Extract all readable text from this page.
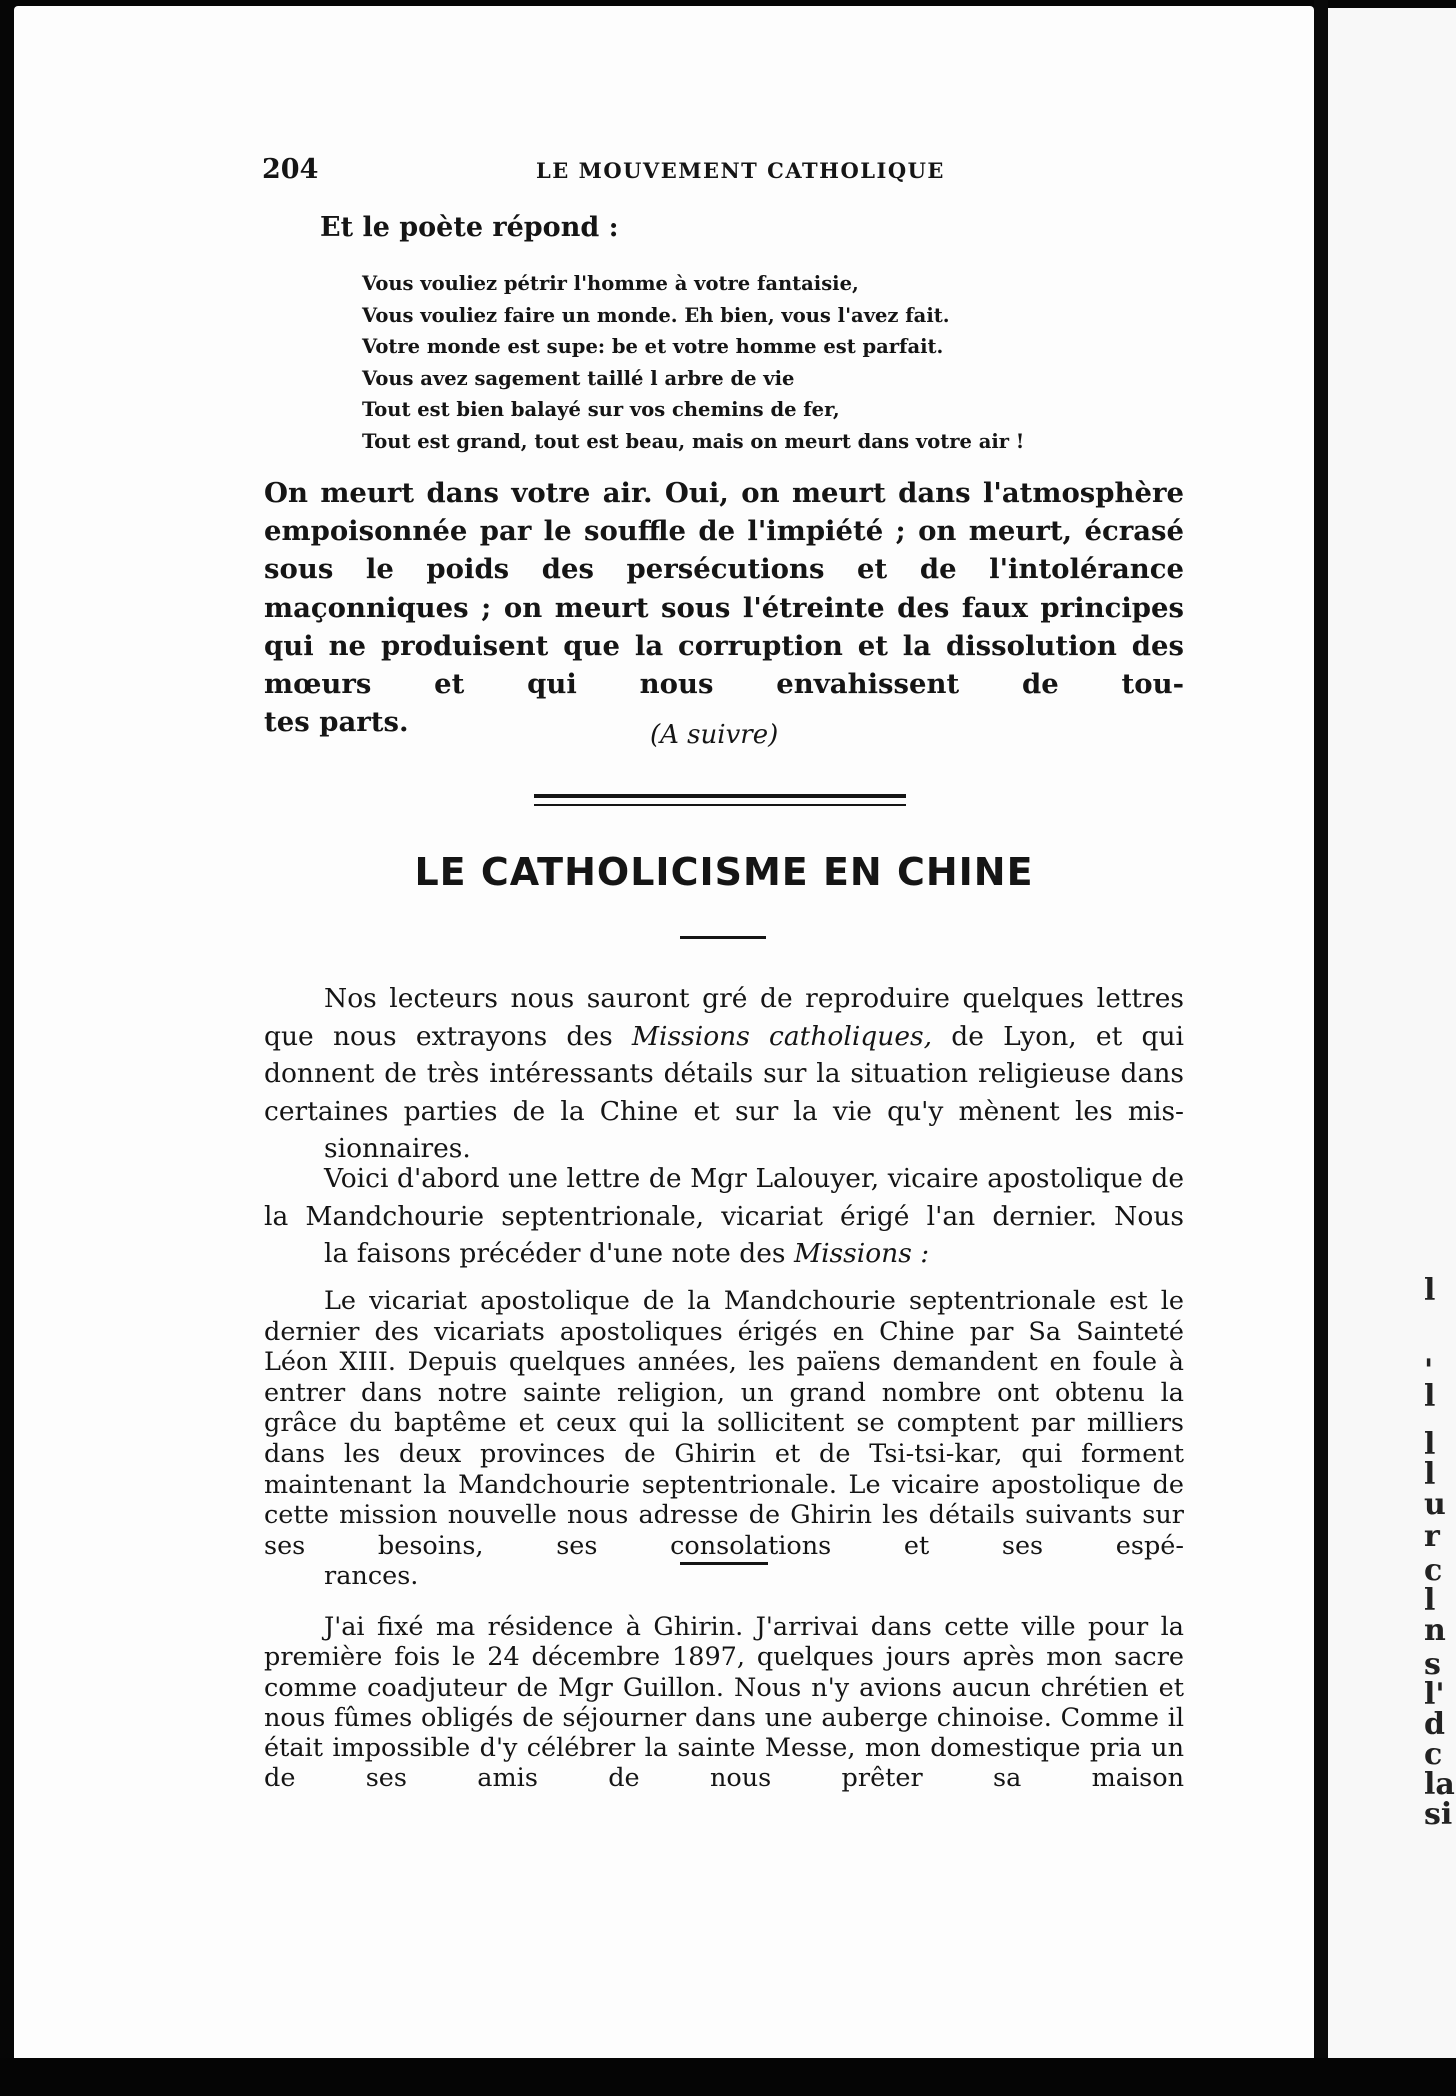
l
'
l
l
l
u
r
c
l
n
s
l'
d
c
la
si
204	LE MOUVEMENT CATHOLIQUE
Et le poète répond :
Vous vouliez pétrir l'homme à votre fantaisie,
Vous vouliez faire un monde. Eh bien, vous l'avez fait.
Votre monde est supe: be et votre homme est parfait.
Vous avez sagement taillé l arbre de vie
Tout est bien balayé sur vos chemins de fer,
Tout est grand, tout est beau, mais on meurt dans votre air !

On meurt dans votre air. Oui, on meurt dans l'atmosphère empoisonnée par le souffle de l'impiété ; on meurt, écrasé sous le poids des persécutions et de l'intolérance maçonniques ; on meurt sous l'étreinte des faux principes qui ne produisent que la corruption et la dissolution des mœurs et qui nous envahissent de tou-
tes parts.	(A suivre)
LE CATHOLICISME EN CHINE

Nos lecteurs nous sauront gré de reproduire quelques lettres que nous extrayons des Missions catholiques, de Lyon, et qui donnent de très intéressants détails sur la situation religieuse dans certaines parties de la Chine et sur la vie qu'y mènent les mis-
sionnaires.

Voici d'abord une lettre de Mgr Lalouyer, vicaire apostolique de la Mandchourie septentrionale, vicariat érigé l'an dernier. Nous
la faisons précéder d'une note des Missions :

Le vicariat apostolique de la Mandchourie septentrionale est le dernier des vicariats apostoliques érigés en Chine par Sa Sainteté Léon XIII. Depuis quelques années, les païens demandent en foule à entrer dans notre sainte religion, un grand nombre ont obtenu la grâce du baptême et ceux qui la sollicitent se comptent par milliers dans les deux provinces de Ghirin et de Tsi-tsi-kar, qui forment maintenant la Mandchourie septentrionale. Le vicaire apostolique de cette mission nouvelle nous adresse de Ghirin les détails suivants sur ses besoins, ses consolations et ses espé-
rances.

J'ai fixé ma résidence à Ghirin. J'arrivai dans cette ville pour la première fois le 24 décembre 1897, quelques jours après mon sacre comme coadjuteur de Mgr Guillon. Nous n'y avions aucun chrétien et nous fûmes obligés de séjourner dans une auberge chinoise. Comme il était impossible d'y célébrer la sainte Messe, mon domestique pria un de ses amis de nous prêter sa maison
